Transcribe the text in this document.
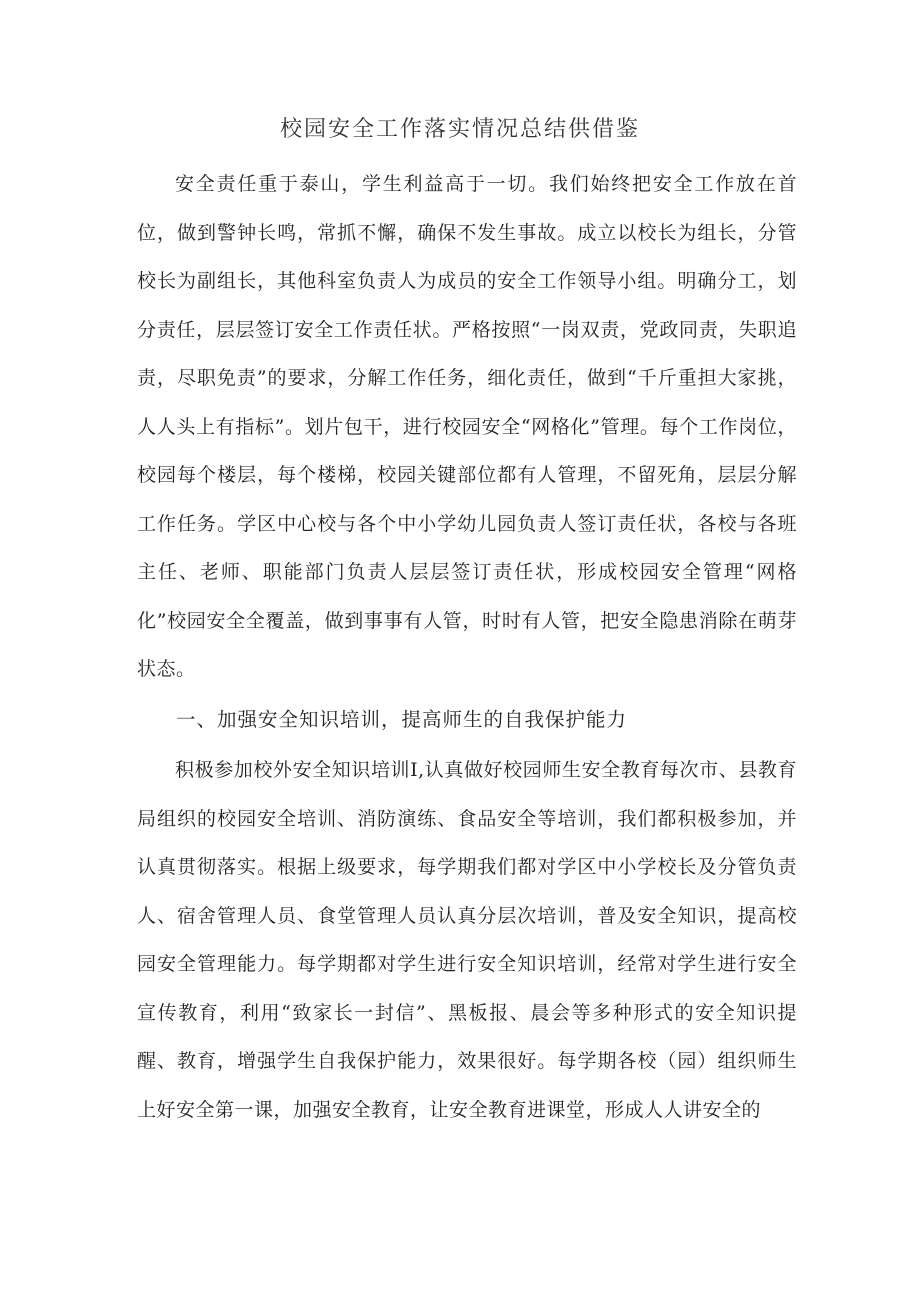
校园安全工作落实情况总结供借鉴
安全责任重于泰山，学生利益高于一切。我们始终把安全工作放在首位，做到警钟长鸣，常抓不懈，确保不发生事故。成立以校长为组长，分管校长为副组长，其他科室负责人为成员的安全工作领导小组。明确分工，划分责任，层层签订安全工作责任状。严格按照“一岗双责，党政同责，失职追责，尽职免责”的要求，分解工作任务，细化责任，做到“千斤重担大家挑，人人头上有指标”。划片包干，进行校园安全“网格化”管理。每个工作岗位，校园每个楼层，每个楼梯，校园关键部位都有人管理，不留死角，层层分解工作任务。学区中心校与各个中小学幼儿园负责人签订责任状，各校与各班主任、老师、职能部门负责人层层签订责任状，形成校园安全管理“网格化”校园安全全覆盖，做到事事有人管，时时有人管，把安全隐患消除在萌芽状态。
一、加强安全知识培训，提高师生的自我保护能力
积极参加校外安全知识培训I,认真做好校园师生安全教育每次市、县教育局组织的校园安全培训、消防演练、食品安全等培训，我们都积极参加，并认真贯彻落实。根据上级要求，每学期我们都对学区中小学校长及分管负责人、宿舍管理人员、食堂管理人员认真分层次培训，普及安全知识，提高校园安全管理能力。每学期都对学生进行安全知识培训，经常对学生进行安全宣传教育，利用“致家长一封信”、黑板报、晨会等多种形式的安全知识提醒、教育，增强学生自我保护能力，效果很好。每学期各校（园）组织师生上好安全第一课，加强安全教育，让安全教育进课堂，形成人人讲安全的
